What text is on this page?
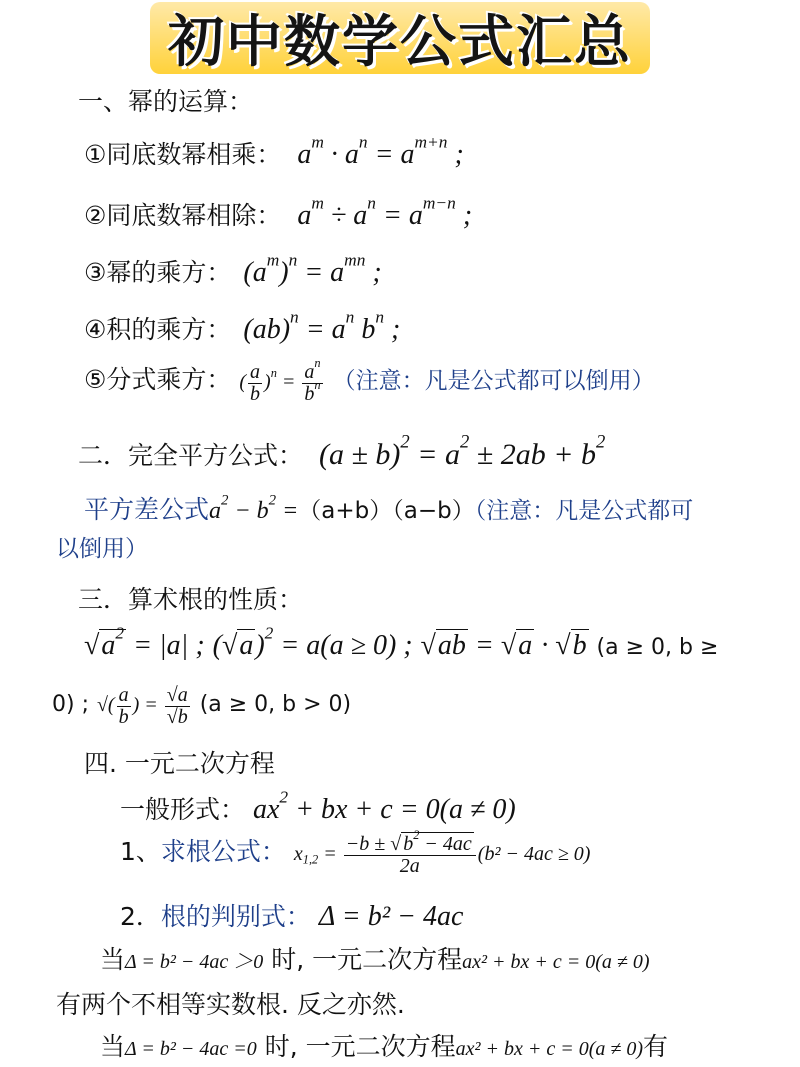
初中数学公式汇总
一、幂的运算：
①同底数幂相乘： $a^m \cdot a^n = a^{m+n}$ ;
②同底数幂相除： $a^m \div a^n = a^{m-n}$ ;
③幂的乘方： $(a^m)^n = a^{mn}$ ;
④积的乘方： $(ab)^n = a^n$ $b^n$ ;
⑤分式乘方： ( $\frac{a}{b} )^n = \frac{a^n}{b^n}$ （注意：凡是公式都可以倒用）
二．完全平方公式： $(a \pm b)^2 = a^2 \pm 2ab + b^2$
平方差公式$a^2 - b^2 =(a+b)(a-b)$（注意：凡是公式都可
以倒用）
三．算术根的性质：
$√a^2 = |a|$ ; $(√a)^2 = a(a \ge 0)$ ; √ab = √a · √b (a ≥ 0, b ≥
0) ; √( $\frac{a}{b}$ ) = $\frac{√a}{√b} (a \ge 0$, b > 0)
四. 一元二次方程
一般形式： $ax^2$ + bx + c = 0(a ≠ 0)
1、求根公式： $x_{1,2} = \frac{-b \pm √ b^2 - 4ac}{2a} (b^2 - 4ac \ge 0)$
2．根的判别式： Δ = b² − 4ac
当Δ = b² − 4ac ＞0 时, 一元二次方程ax² + bx + c = 0(a ≠ 0)
有两个不相等实数根. 反之亦然.
当Δ = b² − 4ac =0 时, 一元二次方程ax² + bx + c = 0(a ≠ 0)有
